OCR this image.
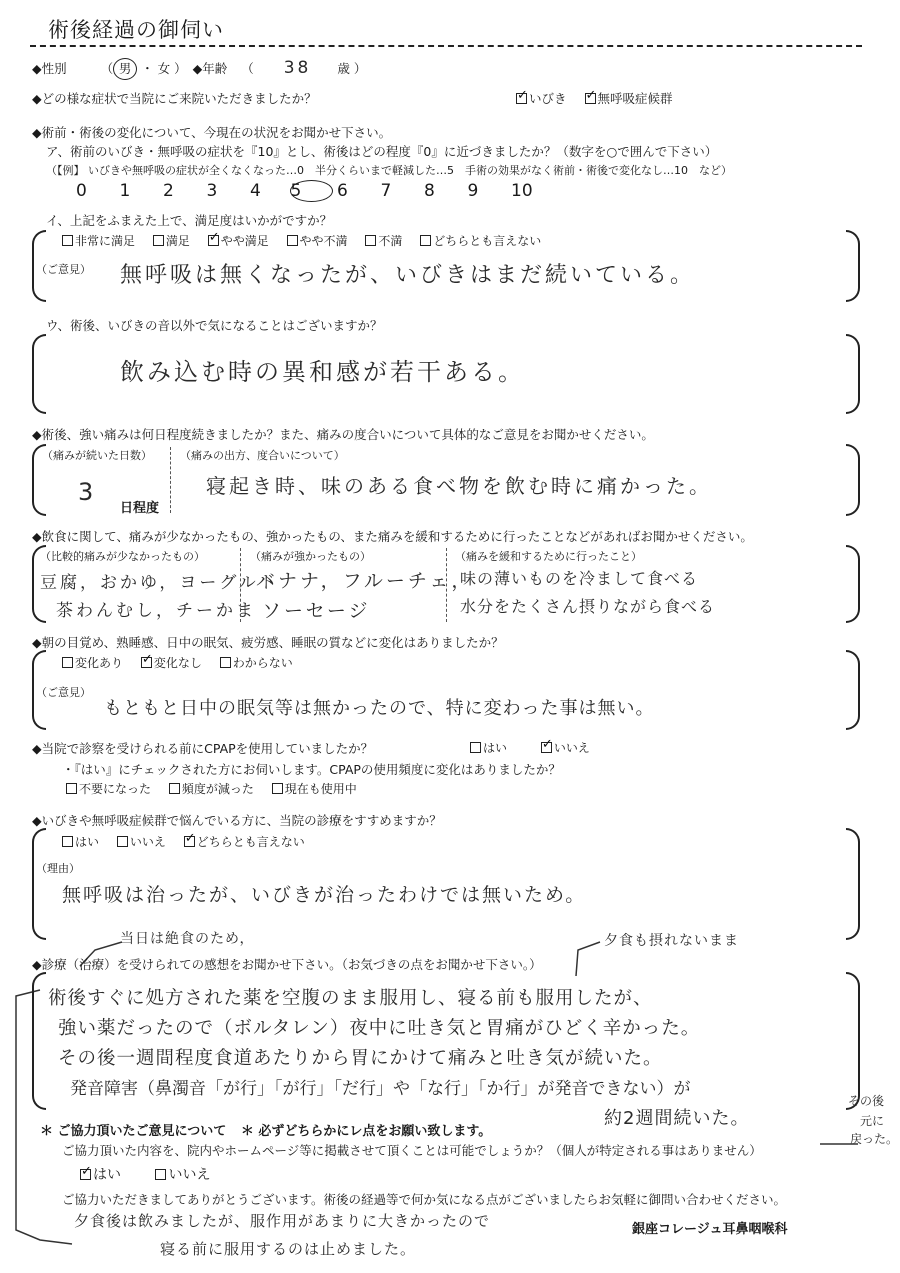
術後経過の御伺い
◆性別	（ 男 ・ 女 ） ◆年齢 （ 38 歳 ）
◆どの様な症状で当院にご来院いただきましたか？ ✓	いびき ✓ 無呼吸症候群
◆術前・術後の変化について、今現在の状況をお聞かせ下さい。
ア、術前のいびき・無呼吸の症状を『10』とし、術後はどの程度『0』に近づきましたか？（数字を○で囲んで下さい）
（【例】 いびきや無呼吸の症状が全くなくなった…0　半分くらいまで軽減した…5　手術の効果がなく術前・術後で変化なし…10　など）
0 1 2 3 4 5 6 7 8 9 10
イ、上記をふまえた上で、満足度はいかがですか？
非常に満足	満足 ✓	やや満足	やや不満	不満	どちらとも言えない
（ご意見） 無呼吸は無くなったが、いびきはまだ続いている。
ウ、術後、いびきの音以外で気になることはございますか？
飲み込む時の異和感が若干ある。
◆術後、強い痛みは何日程度続きましたか？また、痛みの度合いについて具体的なご意見をお聞かせください。
（痛みが続いた日数）
3
日程度
（痛みの出方、度合いについて）
寝起き時、味のある食べ物を飲む時に痛かった。
◆飲食に関して、痛みが少なかったもの、強かったもの、また痛みを緩和するために行ったことなどがあればお聞かせください。
（比較的痛みが少なかったもの）
豆腐，おかゆ，ヨーグルト
茶わんむし，チーかま
（痛みが強かったもの）
バナナ，フルーチェ，
ソーセージ
（痛みを緩和するために行ったこと）
味の薄いものを冷まして食べる
水分をたくさん摂りながら食べる
◆朝の目覚め、熟睡感、日中の眠気、疲労感、睡眠の質などに変化はありましたか？
変化あり ✓	変化なし	わからない
（ご意見）
もともと日中の眠気等は無かったので、特に変わった事は無い。
◆当院で診察を受けられる前にCPAPを使用していましたか？	はい ✓	いいえ
・『はい』にチェックされた方にお伺いします。CPAPの使用頻度に変化はありましたか？
不要になった	頻度が減った	現在も使用中
◆いびきや無呼吸症候群で悩んでいる方に、当院の診療をすすめますか？
はい	いいえ ✓	どちらとも言えない
（理由）
無呼吸は治ったが、いびきが治ったわけでは無いため。
当日は絶食のため，	夕食も摂れないまま
◆診療（治療）を受けられての感想をお聞かせ下さい。（お気づきの点をお聞かせ下さい。）
術後すぐに処方された薬を空腹のまま服用し、寝る前も服用したが、
強い薬だったので（ボルタレン）夜中に吐き気と胃痛がひどく辛かった。
その後一週間程度食道あたりから胃にかけて痛みと吐き気が続いた。
発音障害（鼻濁音「が行」「が行」「だ行」や「な行」「か行」が発音できない）が
約2週間続いた。
その後
元に
戻った。
＊ ご協力頂いたご意見について ＊ 必ずどちらかにレ点をお願い致します。
ご協力頂いた内容を、院内やホームページ等に掲載させて頂くことは可能でしょうか？（個人が特定される事はありません）
✓はい	いいえ
ご協力いただきましてありがとうございます。術後の経過等で何か気になる点がございましたらお気軽に御問い合わせください。
夕食後は飲みましたが、服作用があまりに大きかったので
寝る前に服用するのは止めました。
銀座コレージュ耳鼻咽喉科
